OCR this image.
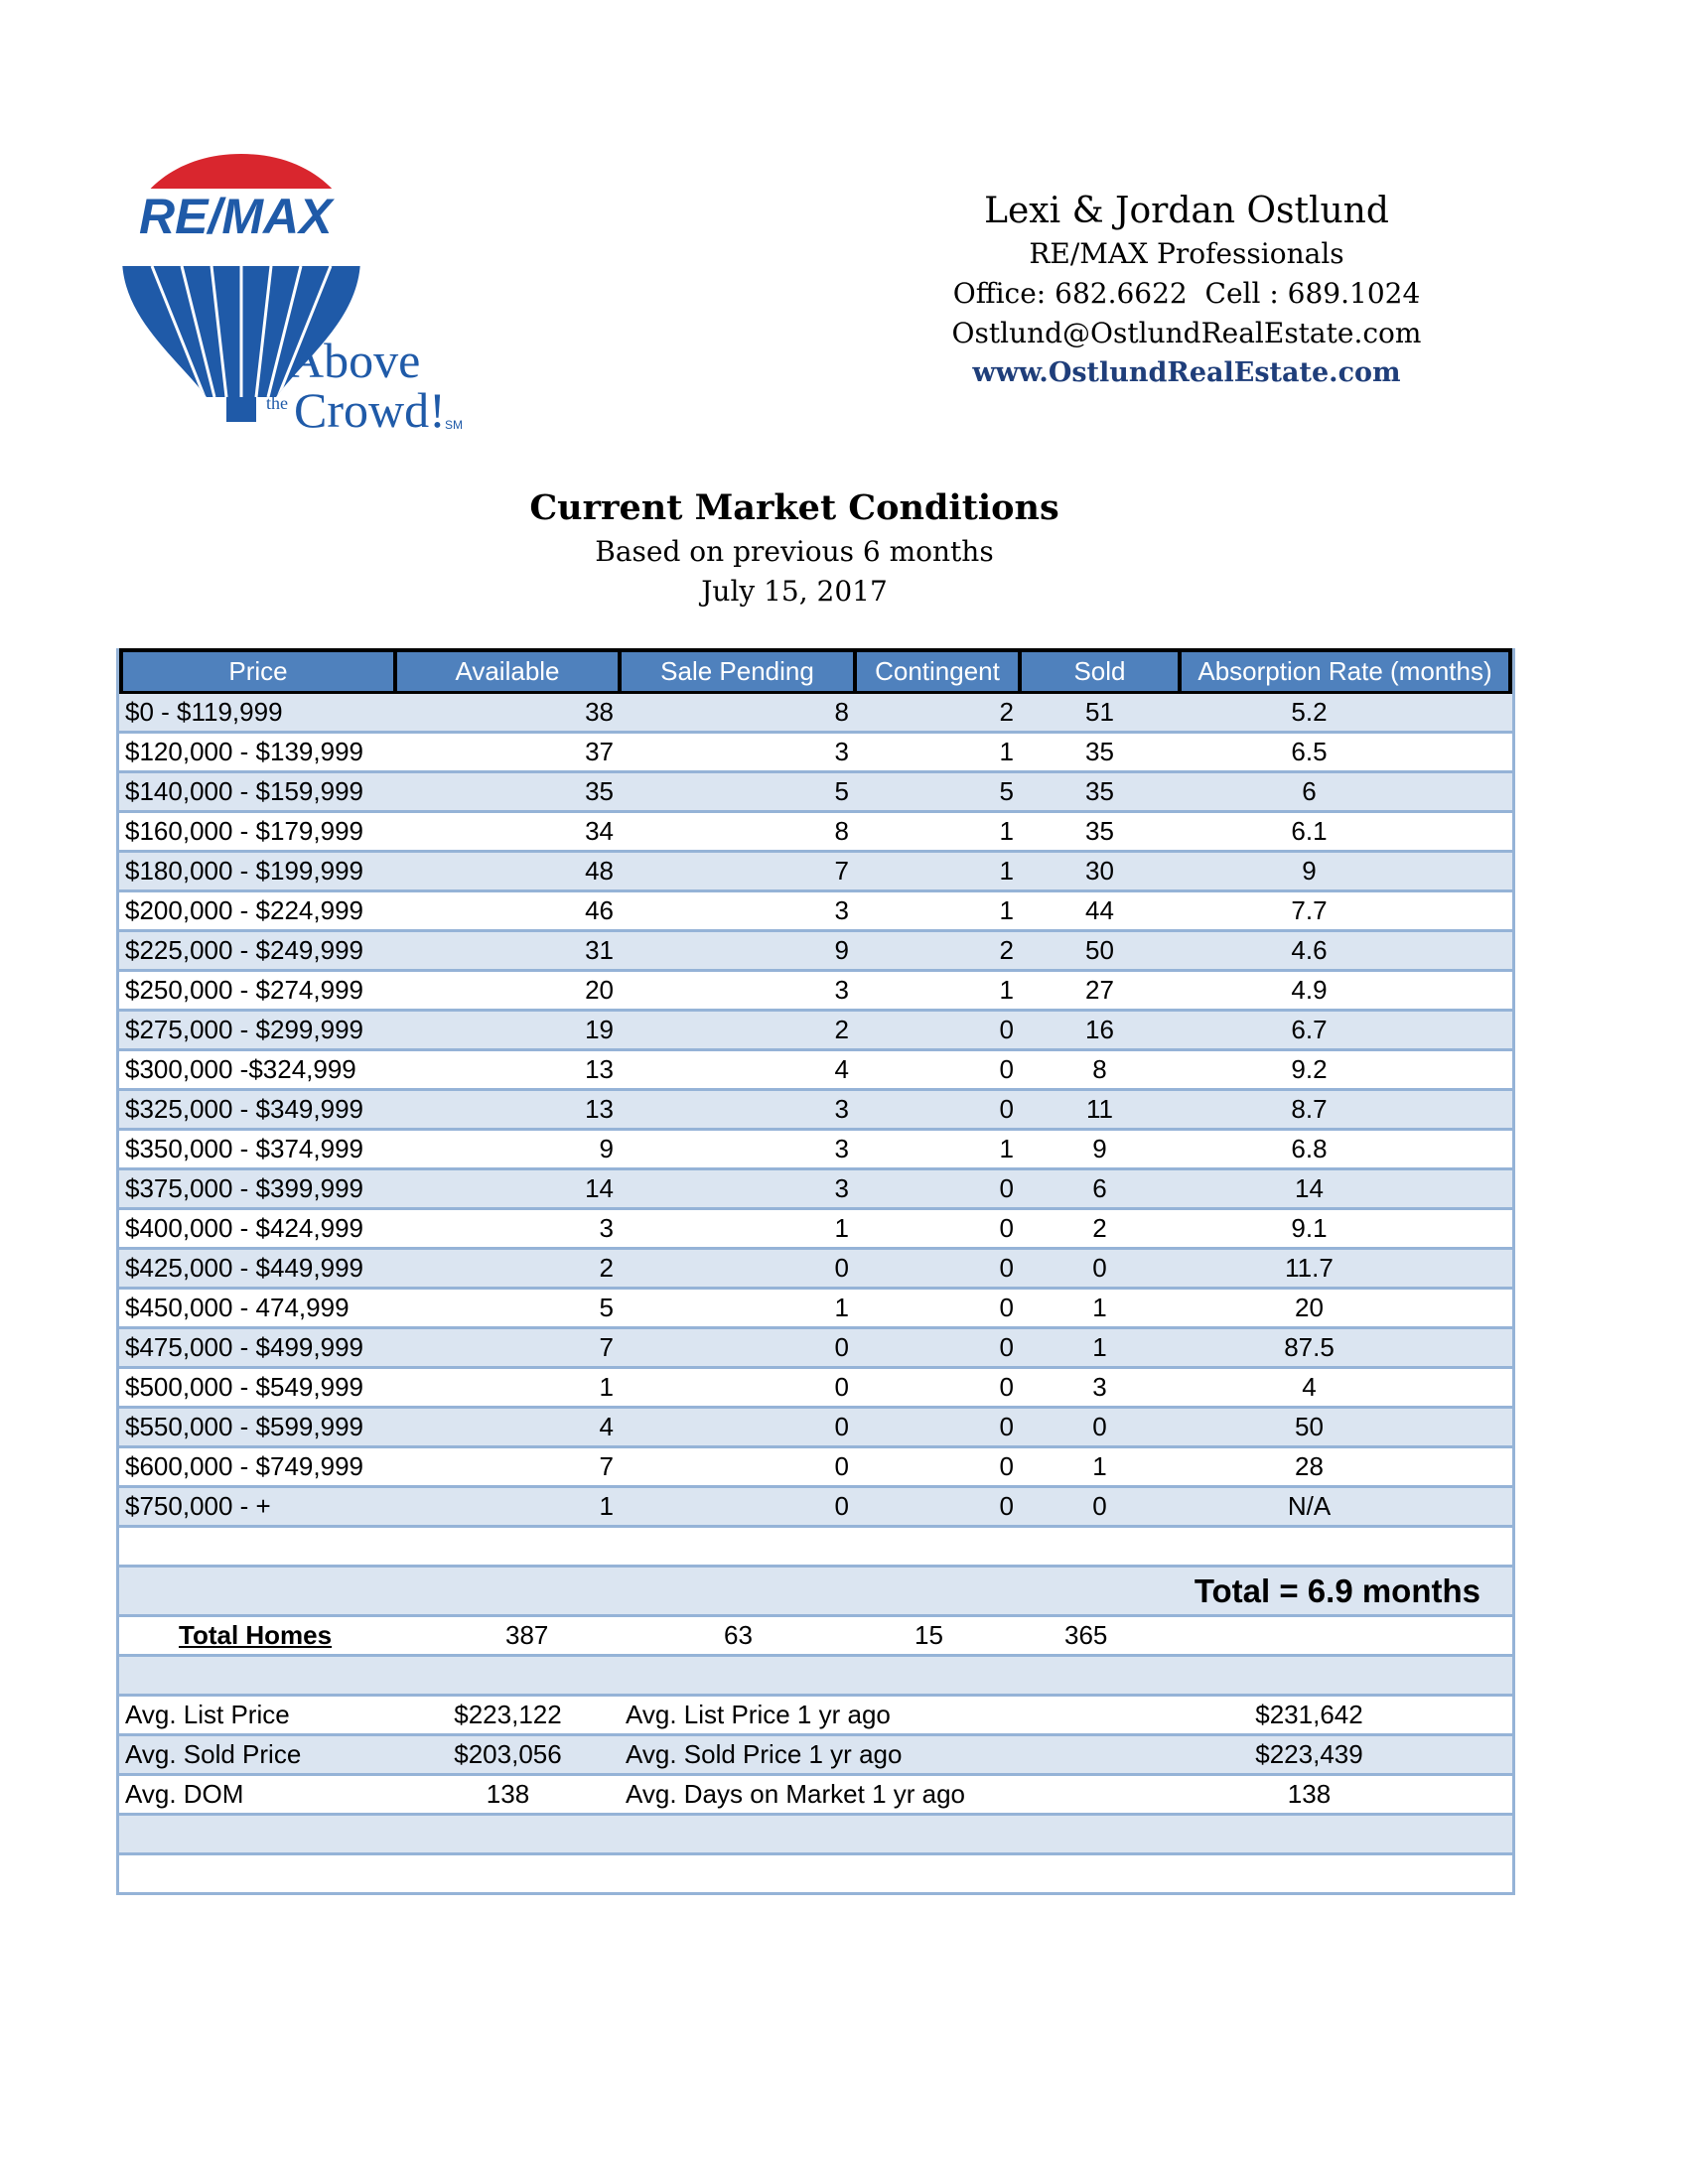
RE/MAX
Above
the Crowd! SM
Lexi & Jordan Ostlund
RE/MAX Professionals
Office: 682.6622  Cell : 689.1024
Ostlund@OstlundRealEstate.com
www.OstlundRealEstate.com
Current Market Conditions
Based on previous 6 months
July 15, 2017
Price	Available	Sale Pending	Contingent	Sold	Absorption Rate (months)
$0 - $119,999	38	8	2	51	5.2
$120,000 - $139,999	37	3	1	35	6.5
$140,000 - $159,999	35	5	5	35	6
$160,000 - $179,999	34	8	1	35	6.1
$180,000 - $199,999	48	7	1	30	9
$200,000 - $224,999	46	3	1	44	7.7
$225,000 - $249,999	31	9	2	50	4.6
$250,000 - $274,999	20	3	1	27	4.9
$275,000 - $299,999	19	2	0	16	6.7
$300,000 -$324,999	13	4	0	8	9.2
$325,000 - $349,999	13	3	0	11	8.7
$350,000 - $374,999	9	3	1	9	6.8
$375,000 - $399,999	14	3	0	6	14
$400,000 - $424,999	3	1	0	2	9.1
$425,000 - $449,999	2	0	0	0	11.7
$450,000 - 474,999	5	1	0	1	20
$475,000 - $499,999	7	0	0	1	87.5
$500,000 - $549,999	1	0	0	3	4
$550,000 - $599,999	4	0	0	0	50
$600,000 - $749,999	7	0	0	1	28
$750,000 - +	1	0	0	0	N/A
Total = 6.9 months
Total Homes	387	63	15	365
Avg. List Price	$223,122	Avg. List Price 1 yr ago	$231,642
Avg. Sold Price	$203,056	Avg. Sold Price 1 yr ago	$223,439
Avg. DOM	138	Avg. Days on Market 1 yr ago	138
